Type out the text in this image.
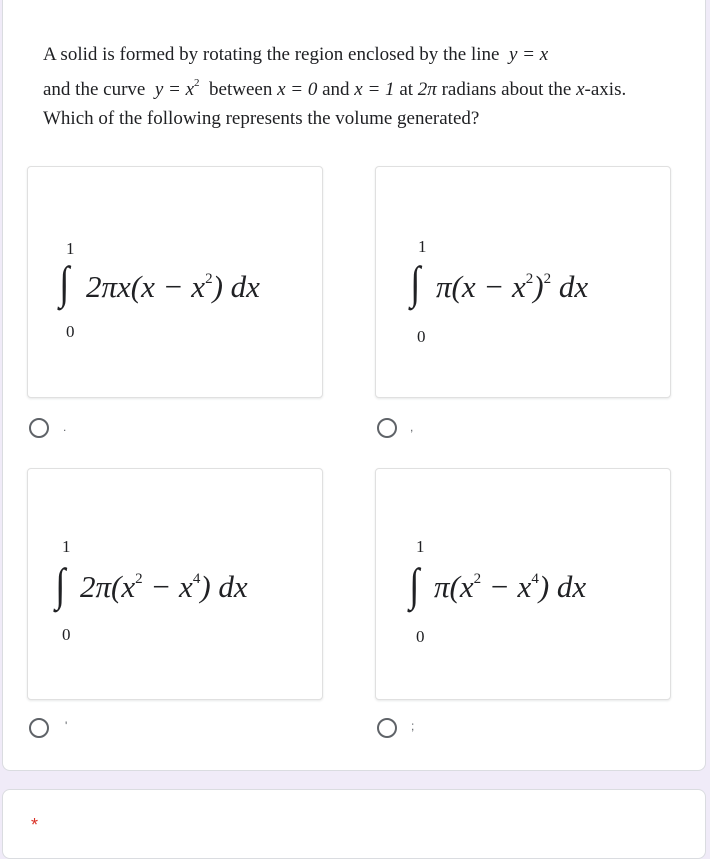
A solid is formed by rotating the region enclosed by the line y = x
and the curve $y = x^2$ between x = 0 and x = 1 at 2π radians about the x-axis.
Which of the following represents the volume generated?
1
∫
0
$2\pi x(x - x^2)$ dx
.
1
∫
0
$\pi(x - x^2)^2$ dx
,
1
∫
0
$2\pi(x^2 - x^4)$ dx
'
1
∫
0
$\pi(x^2 - x^4)$ dx
;
*
